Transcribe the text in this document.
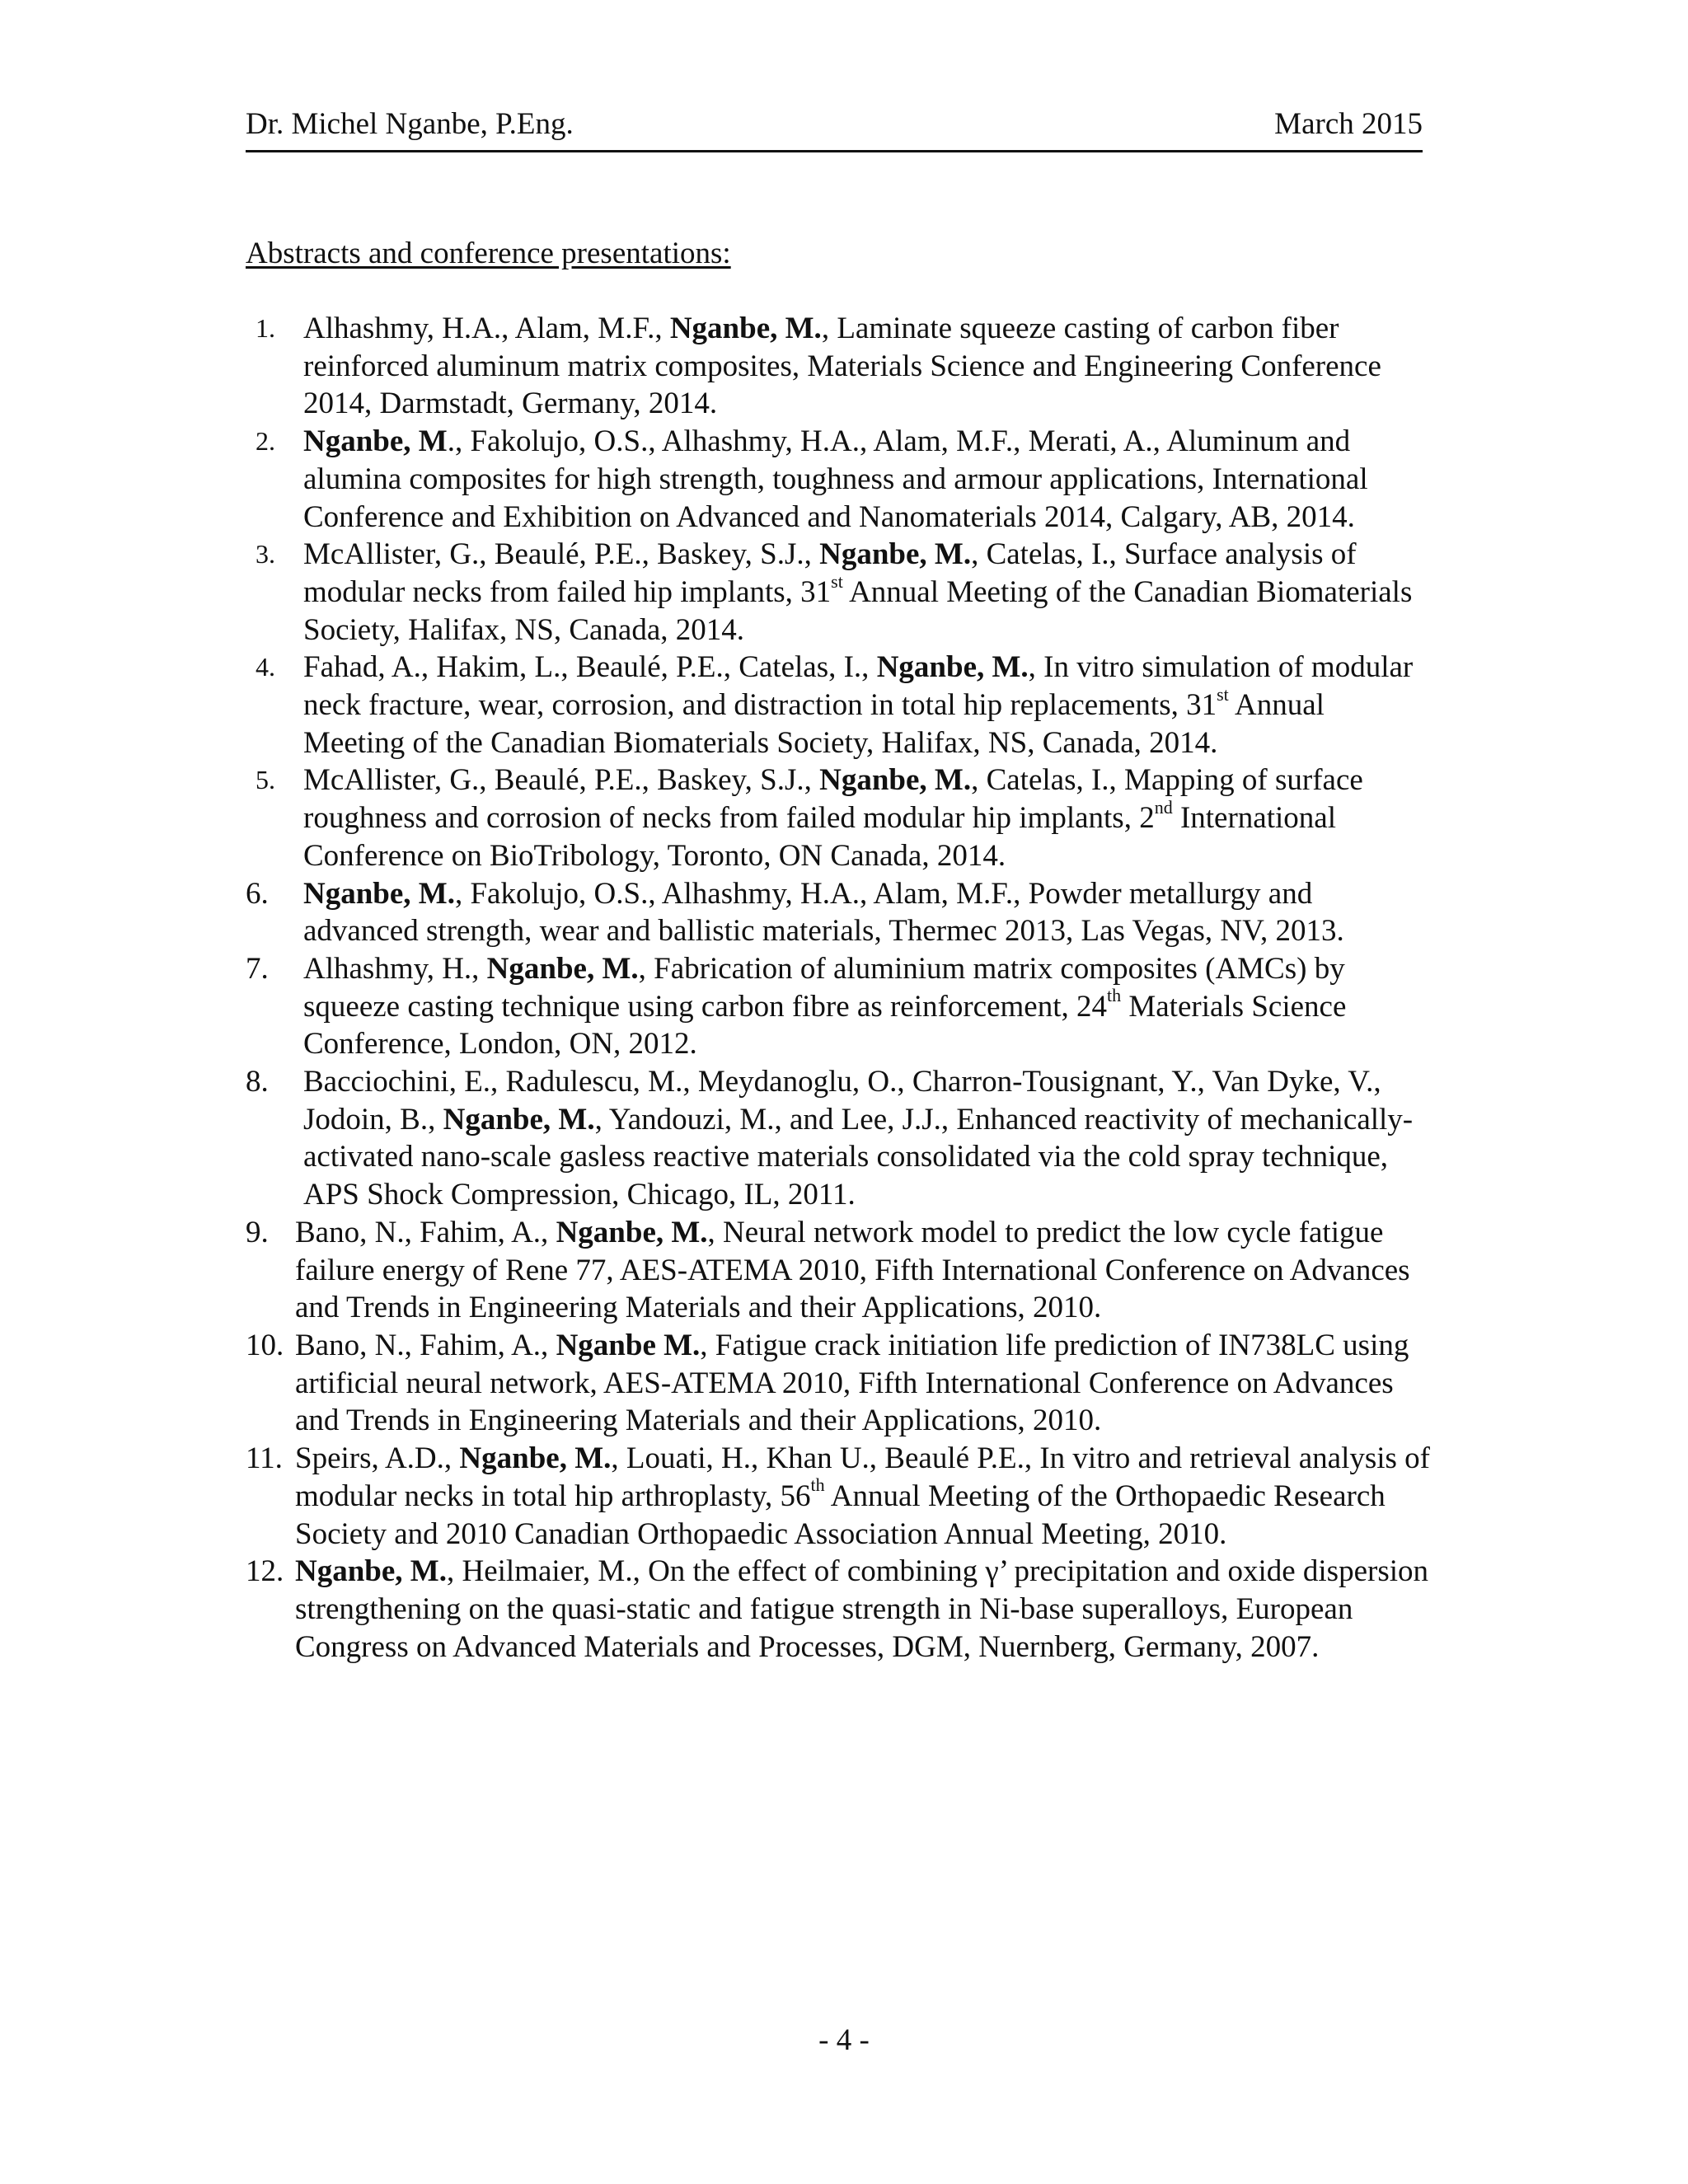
Dr. Michel Nganbe, P.Eng.	March 2015
Abstracts and conference presentations:
1. Alhashmy, H.A., Alam, M.F., Nganbe, M., Laminate squeeze casting of carbon fiber reinforced aluminum matrix composites, Materials Science and Engineering Conference 2014, Darmstadt, Germany, 2014.
2. Nganbe, M., Fakolujo, O.S., Alhashmy, H.A., Alam, M.F., Merati, A., Aluminum and alumina composites for high strength, toughness and armour applications, International Conference and Exhibition on Advanced and Nanomaterials 2014, Calgary, AB, 2014.
3. McAllister, G., Beaulé, P.E., Baskey, S.J., Nganbe, M., Catelas, I., Surface analysis of modular necks from failed hip implants, 31st Annual Meeting of the Canadian Biomaterials Society, Halifax, NS, Canada, 2014.
4. Fahad, A., Hakim, L., Beaulé, P.E., Catelas, I., Nganbe, M., In vitro simulation of modular neck fracture, wear, corrosion, and distraction in total hip replacements, 31st Annual Meeting of the Canadian Biomaterials Society, Halifax, NS, Canada, 2014.
5. McAllister, G., Beaulé, P.E., Baskey, S.J., Nganbe, M., Catelas, I., Mapping of surface roughness and corrosion of necks from failed modular hip implants, 2nd International Conference on BioTribology, Toronto, ON Canada, 2014.
6.	Nganbe, M., Fakolujo, O.S., Alhashmy, H.A., Alam, M.F., Powder metallurgy and advanced strength, wear and ballistic materials, Thermec 2013, Las Vegas, NV, 2013.
7.	Alhashmy, H., Nganbe, M., Fabrication of aluminium matrix composites (AMCs) by squeeze casting technique using carbon fibre as reinforcement, 24th Materials Science Conference, London, ON, 2012.
8.	Bacciochini, E., Radulescu, M., Meydanoglu, O., Charron-Tousignant, Y., Van Dyke, V., Jodoin, B., Nganbe, M., Yandouzi, M., and Lee, J.J., Enhanced reactivity of mechanically-activated nano-scale gasless reactive materials consolidated via the cold spray technique, APS Shock Compression, Chicago, IL, 2011.
9. Bano, N., Fahim, A., Nganbe, M., Neural network model to predict the low cycle fatigue failure energy of Rene 77, AES-ATEMA 2010, Fifth International Conference on Advances and Trends in Engineering Materials and their Applications, 2010.
10. Bano, N., Fahim, A., Nganbe M., Fatigue crack initiation life prediction of IN738LC using artificial neural network, AES-ATEMA 2010, Fifth International Conference on Advances and Trends in Engineering Materials and their Applications, 2010.
11. Speirs, A.D., Nganbe, M., Louati, H., Khan U., Beaulé P.E., In vitro and retrieval analysis of modular necks in total hip arthroplasty, 56th Annual Meeting of the Orthopaedic Research Society and 2010 Canadian Orthopaedic Association Annual Meeting, 2010.
12. Nganbe, M., Heilmaier, M., On the effect of combining γ’ precipitation and oxide dispersion strengthening on the quasi-static and fatigue strength in Ni-base superalloys, European Congress on Advanced Materials and Processes, DGM, Nuernberg, Germany, 2007.
- 4 -
